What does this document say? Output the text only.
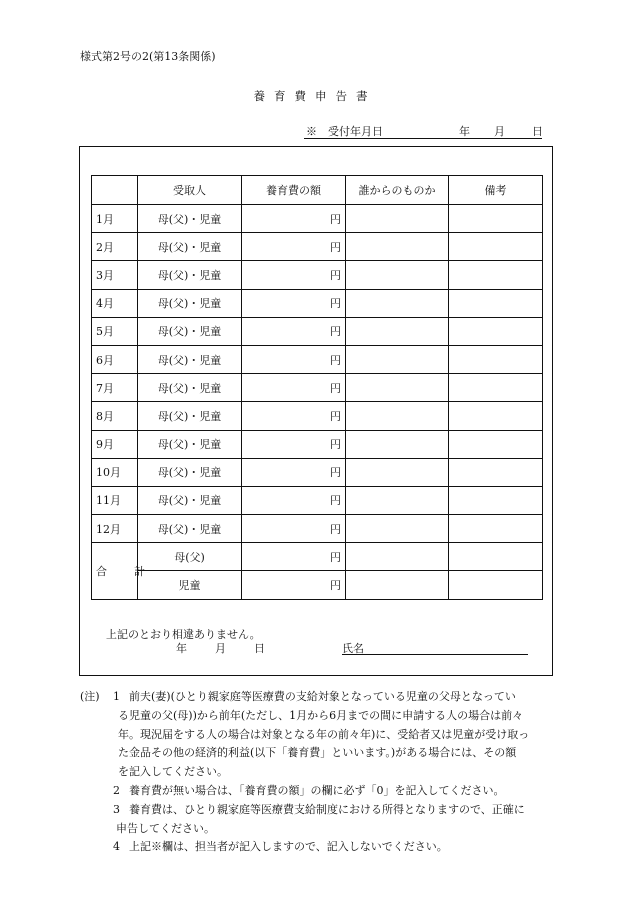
様式第2号の2(第13条関係)
養育費申告書
※　受付年月日	年 月 日
	受取人	養育費の額	誰からのものか	備考
1月	母(父)・児童	円		
2月	母(父)・児童	円		
3月	母(父)・児童	円		
4月	母(父)・児童	円		
5月	母(父)・児童	円		
6月	母(父)・児童	円		
7月	母(父)・児童	円		
8月	母(父)・児童	円		
9月	母(父)・児童	円		
10月	母(父)・児童	円		
11月	母(父)・児童	円		
12月	母(父)・児童	円		
合　計	母(父)	円		
	児童	円		
上記のとおり相違ありません。
年	月	日	氏名
(注) 1 前夫(妻)(ひとり親家庭等医療費の支給対象となっている児童の父母となってい
る児童の父(母))から前年(ただし、1月から6月までの間に申請する人の場合は前々
年。現況届をする人の場合は対象となる年の前々年)に、受給者又は児童が受け取っ
た金品その他の経済的利益(以下「養育費」といいます。)がある場合には、その額
を記入してください。
2 養育費が無い場合は、「養育費の額」の欄に必ず「0」を記入してください。
3 養育費は、ひとり親家庭等医療費支給制度における所得となりますので、正確に
申告してください。
4 上記※欄は、担当者が記入しますので、記入しないでください。
